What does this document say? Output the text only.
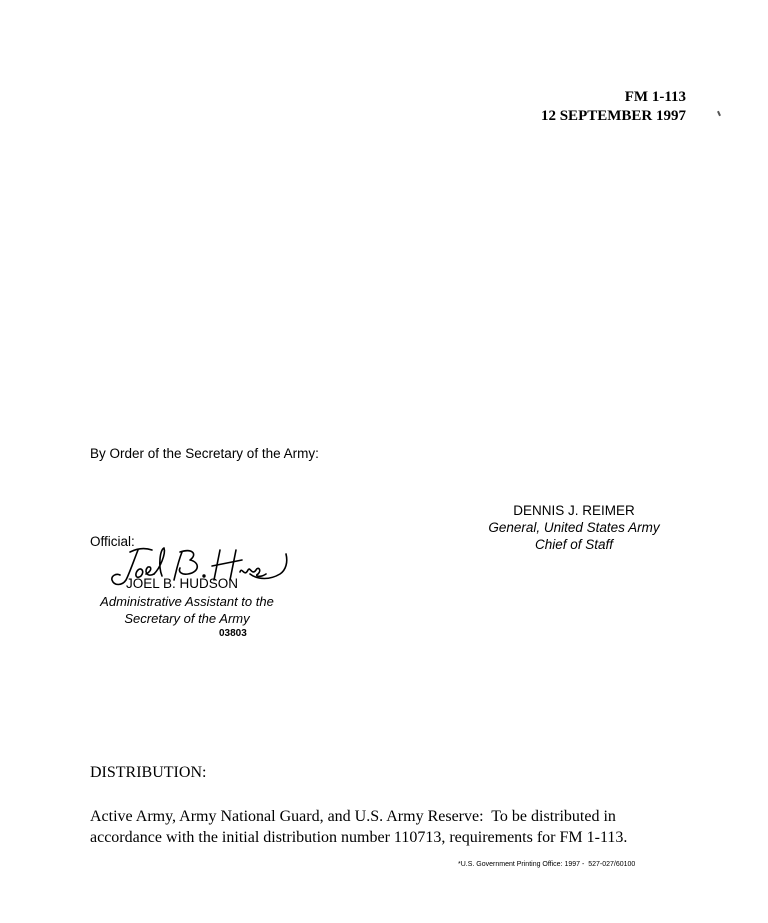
FM 1-113
12 SEPTEMBER 1997
By Order of the Secretary of the Army:
DENNIS J. REIMER
General, United States Army
Chief of Staff
Official:
JOEL B. HUDSON
Administrative Assistant to the
Secretary of the Army
03803
DISTRIBUTION:
Active Army, Army National Guard, and U.S. Army Reserve:  To be distributed in
accordance with the initial distribution number 110713, requirements for FM 1-113.
*U.S. Government Printing Office: 1997 -  527-027/60100
